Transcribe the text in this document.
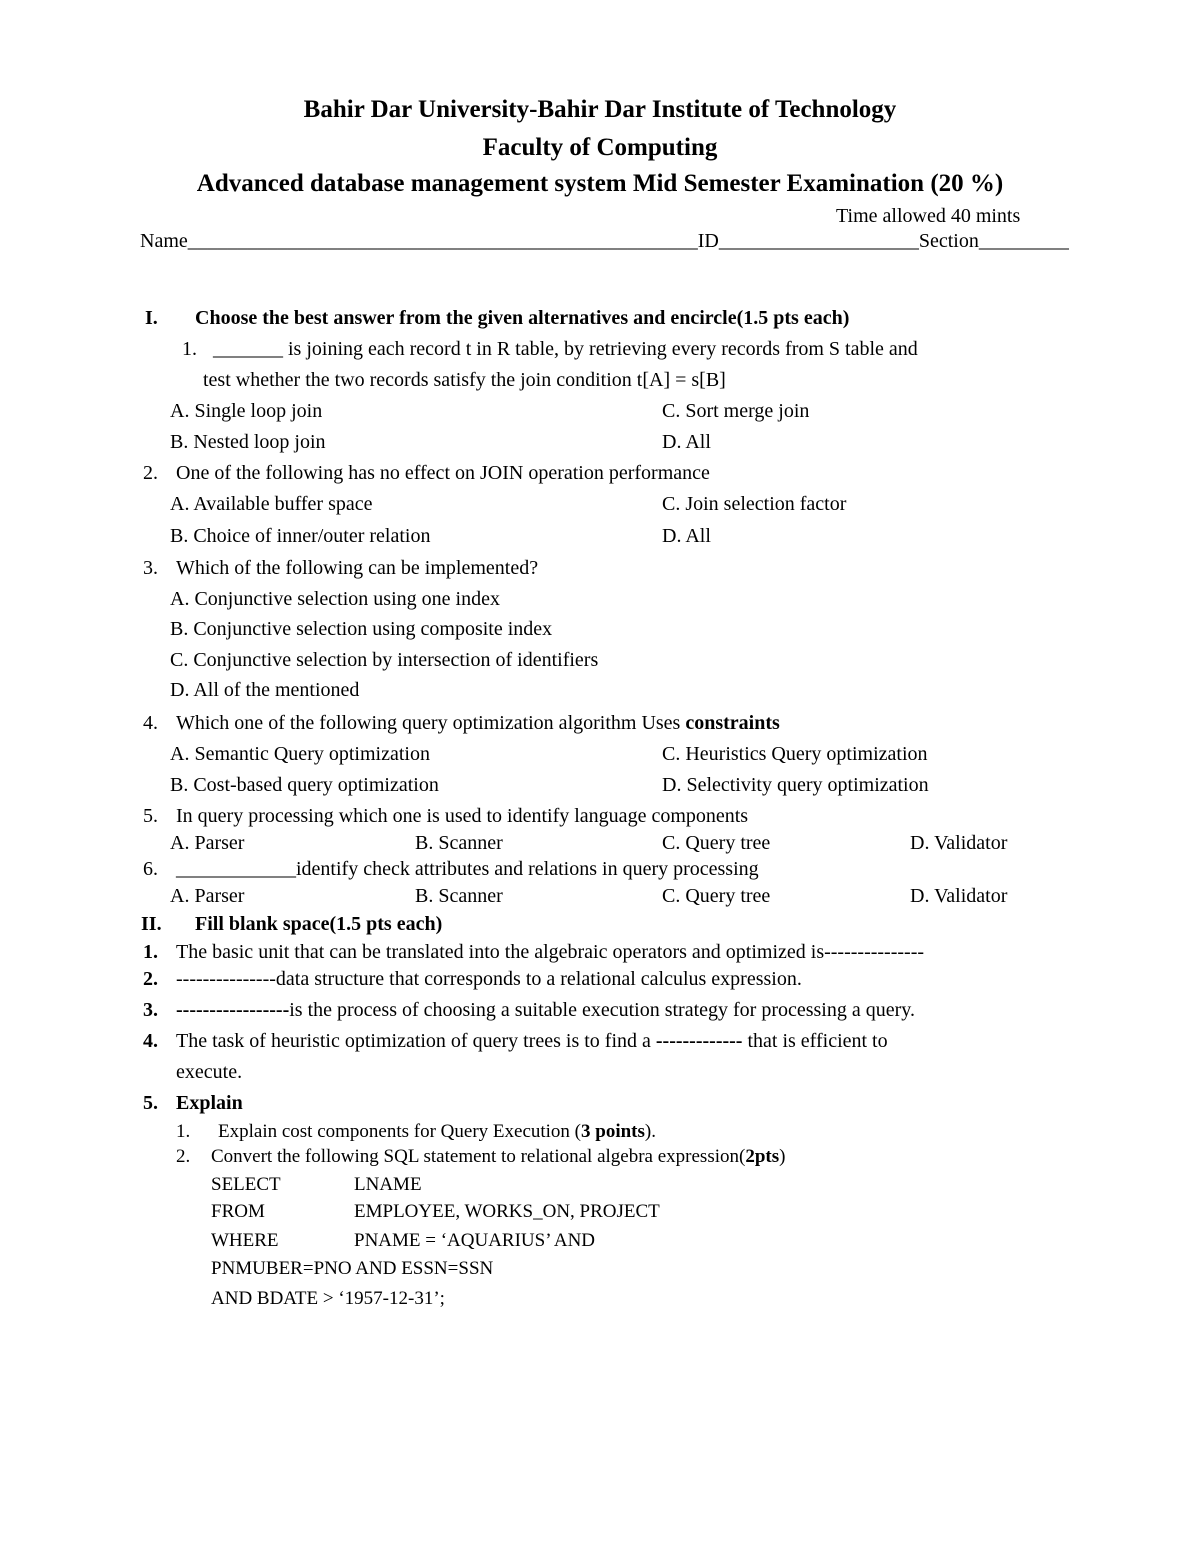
Bahir Dar University-Bahir Dar Institute of Technology
Faculty of Computing
Advanced database management system Mid Semester Examination (20 %)
Time allowed 40 mints
Name___________________________________________________ID____________________Section_________
I. Choose the best answer from the given alternatives and encircle(1.5 pts each)
1. _______ is joining each record t in R table, by retrieving every records from S table and
test whether the two records satisfy the join condition t[A] = s[B]
A. Single loop join	C. Sort merge join
B. Nested loop join	D. All
2. One of the following has no effect on JOIN operation performance
A. Available buffer space	C. Join selection factor
B. Choice of inner/outer relation	D. All
3. Which of the following can be implemented?
A. Conjunctive selection using one index
B. Conjunctive selection using composite index
C. Conjunctive selection by intersection of identifiers
D. All of the mentioned
4. Which one of the following query optimization algorithm Uses constraints
A. Semantic Query optimization	C. Heuristics Query optimization
B. Cost-based query optimization	D. Selectivity query optimization
5. In query processing which one is used to identify language components
A. Parser	B. Scanner	C. Query tree	D. Validator
6. ____________identify check attributes and relations in query processing
A. Parser	B. Scanner	C. Query tree	D. Validator
II. Fill blank space(1.5 pts each)
1. The basic unit that can be translated into the algebraic operators and optimized is---------------
2. ---------------data structure that corresponds to a relational calculus expression.
3. -----------------is the process of choosing a suitable execution strategy for processing a query.
4. The task of heuristic optimization of query trees is to find a ------------- that is efficient to
execute.
5. Explain
1. Explain cost components for Query Execution (3 points).
2. Convert the following SQL statement to relational algebra expression(2pts)
SELECT	LNAME
FROM	EMPLOYEE, WORKS_ON, PROJECT
WHERE	PNAME = ‘AQUARIUS’ AND
PNMUBER=PNO AND ESSN=SSN
AND BDATE > ‘1957-12-31’;
